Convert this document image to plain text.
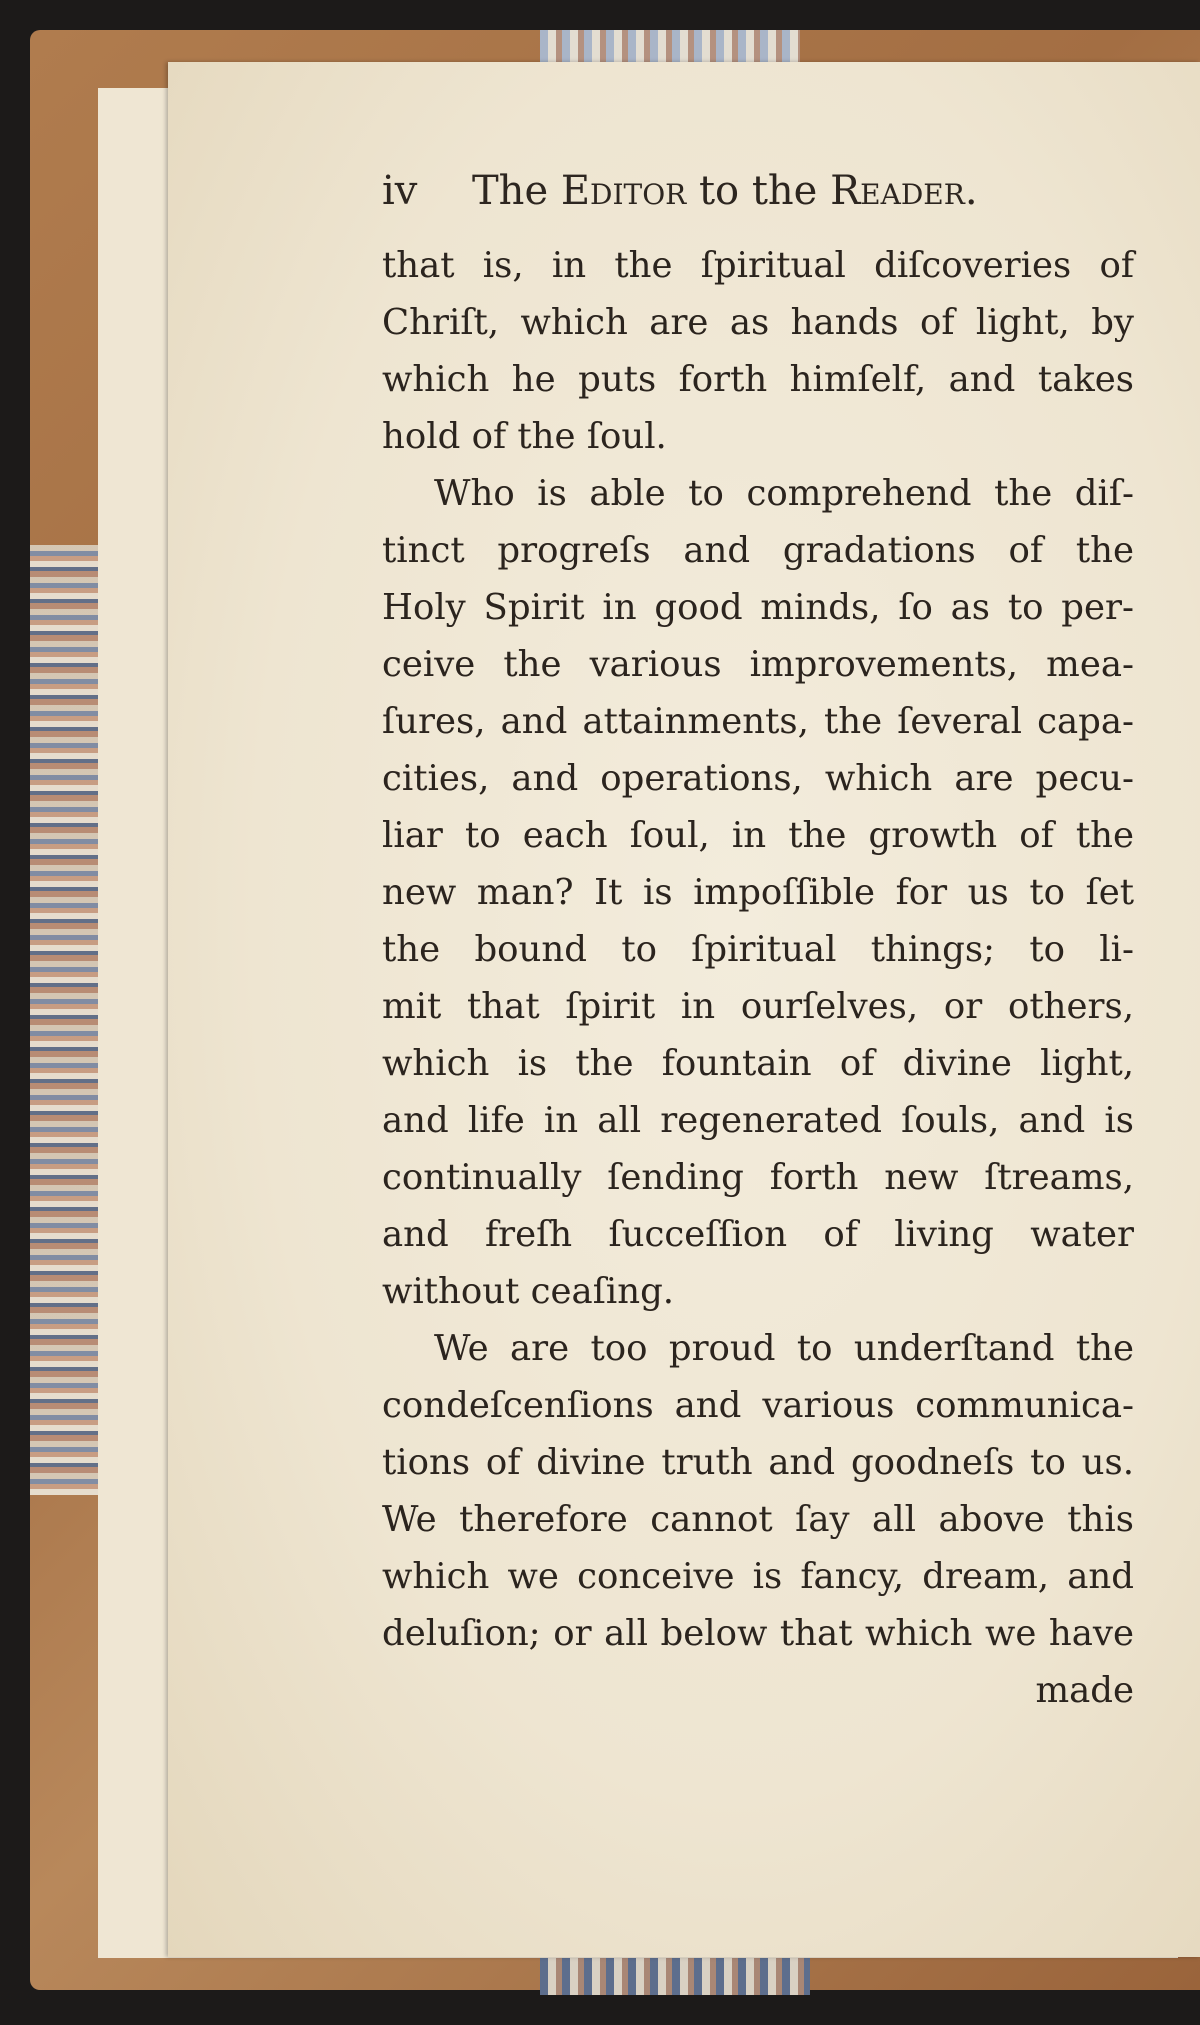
iv The Editor to the Reader.
that is, in the ſpiritual diſcoveries of
Chriſt, which are as hands of light, by
which he puts forth himſelf, and takes
hold of the ſoul.
Who is able to comprehend the diſ-
tinct progreſs and gradations of the
Holy Spirit in good minds, ſo as to per-
ceive the various improvements, mea-
ſures, and attainments, the ſeveral capa-
cities, and operations, which are pecu-
liar to each ſoul, in the growth of the
new man? It is impoſſible for us to ſet
the bound to ſpiritual things; to li-
mit that ſpirit in ourſelves, or others,
which is the fountain of divine light,
and life in all regenerated ſouls, and is
continually ſending forth new ſtreams,
and freſh ſucceſſion of living water
without ceaſing.
We are too proud to underſtand the
condeſcenſions and various communica-
tions of divine truth and goodneſs to us.
We therefore cannot ſay all above this
which we conceive is fancy, dream, and
deluſion; or all below that which we have
made
